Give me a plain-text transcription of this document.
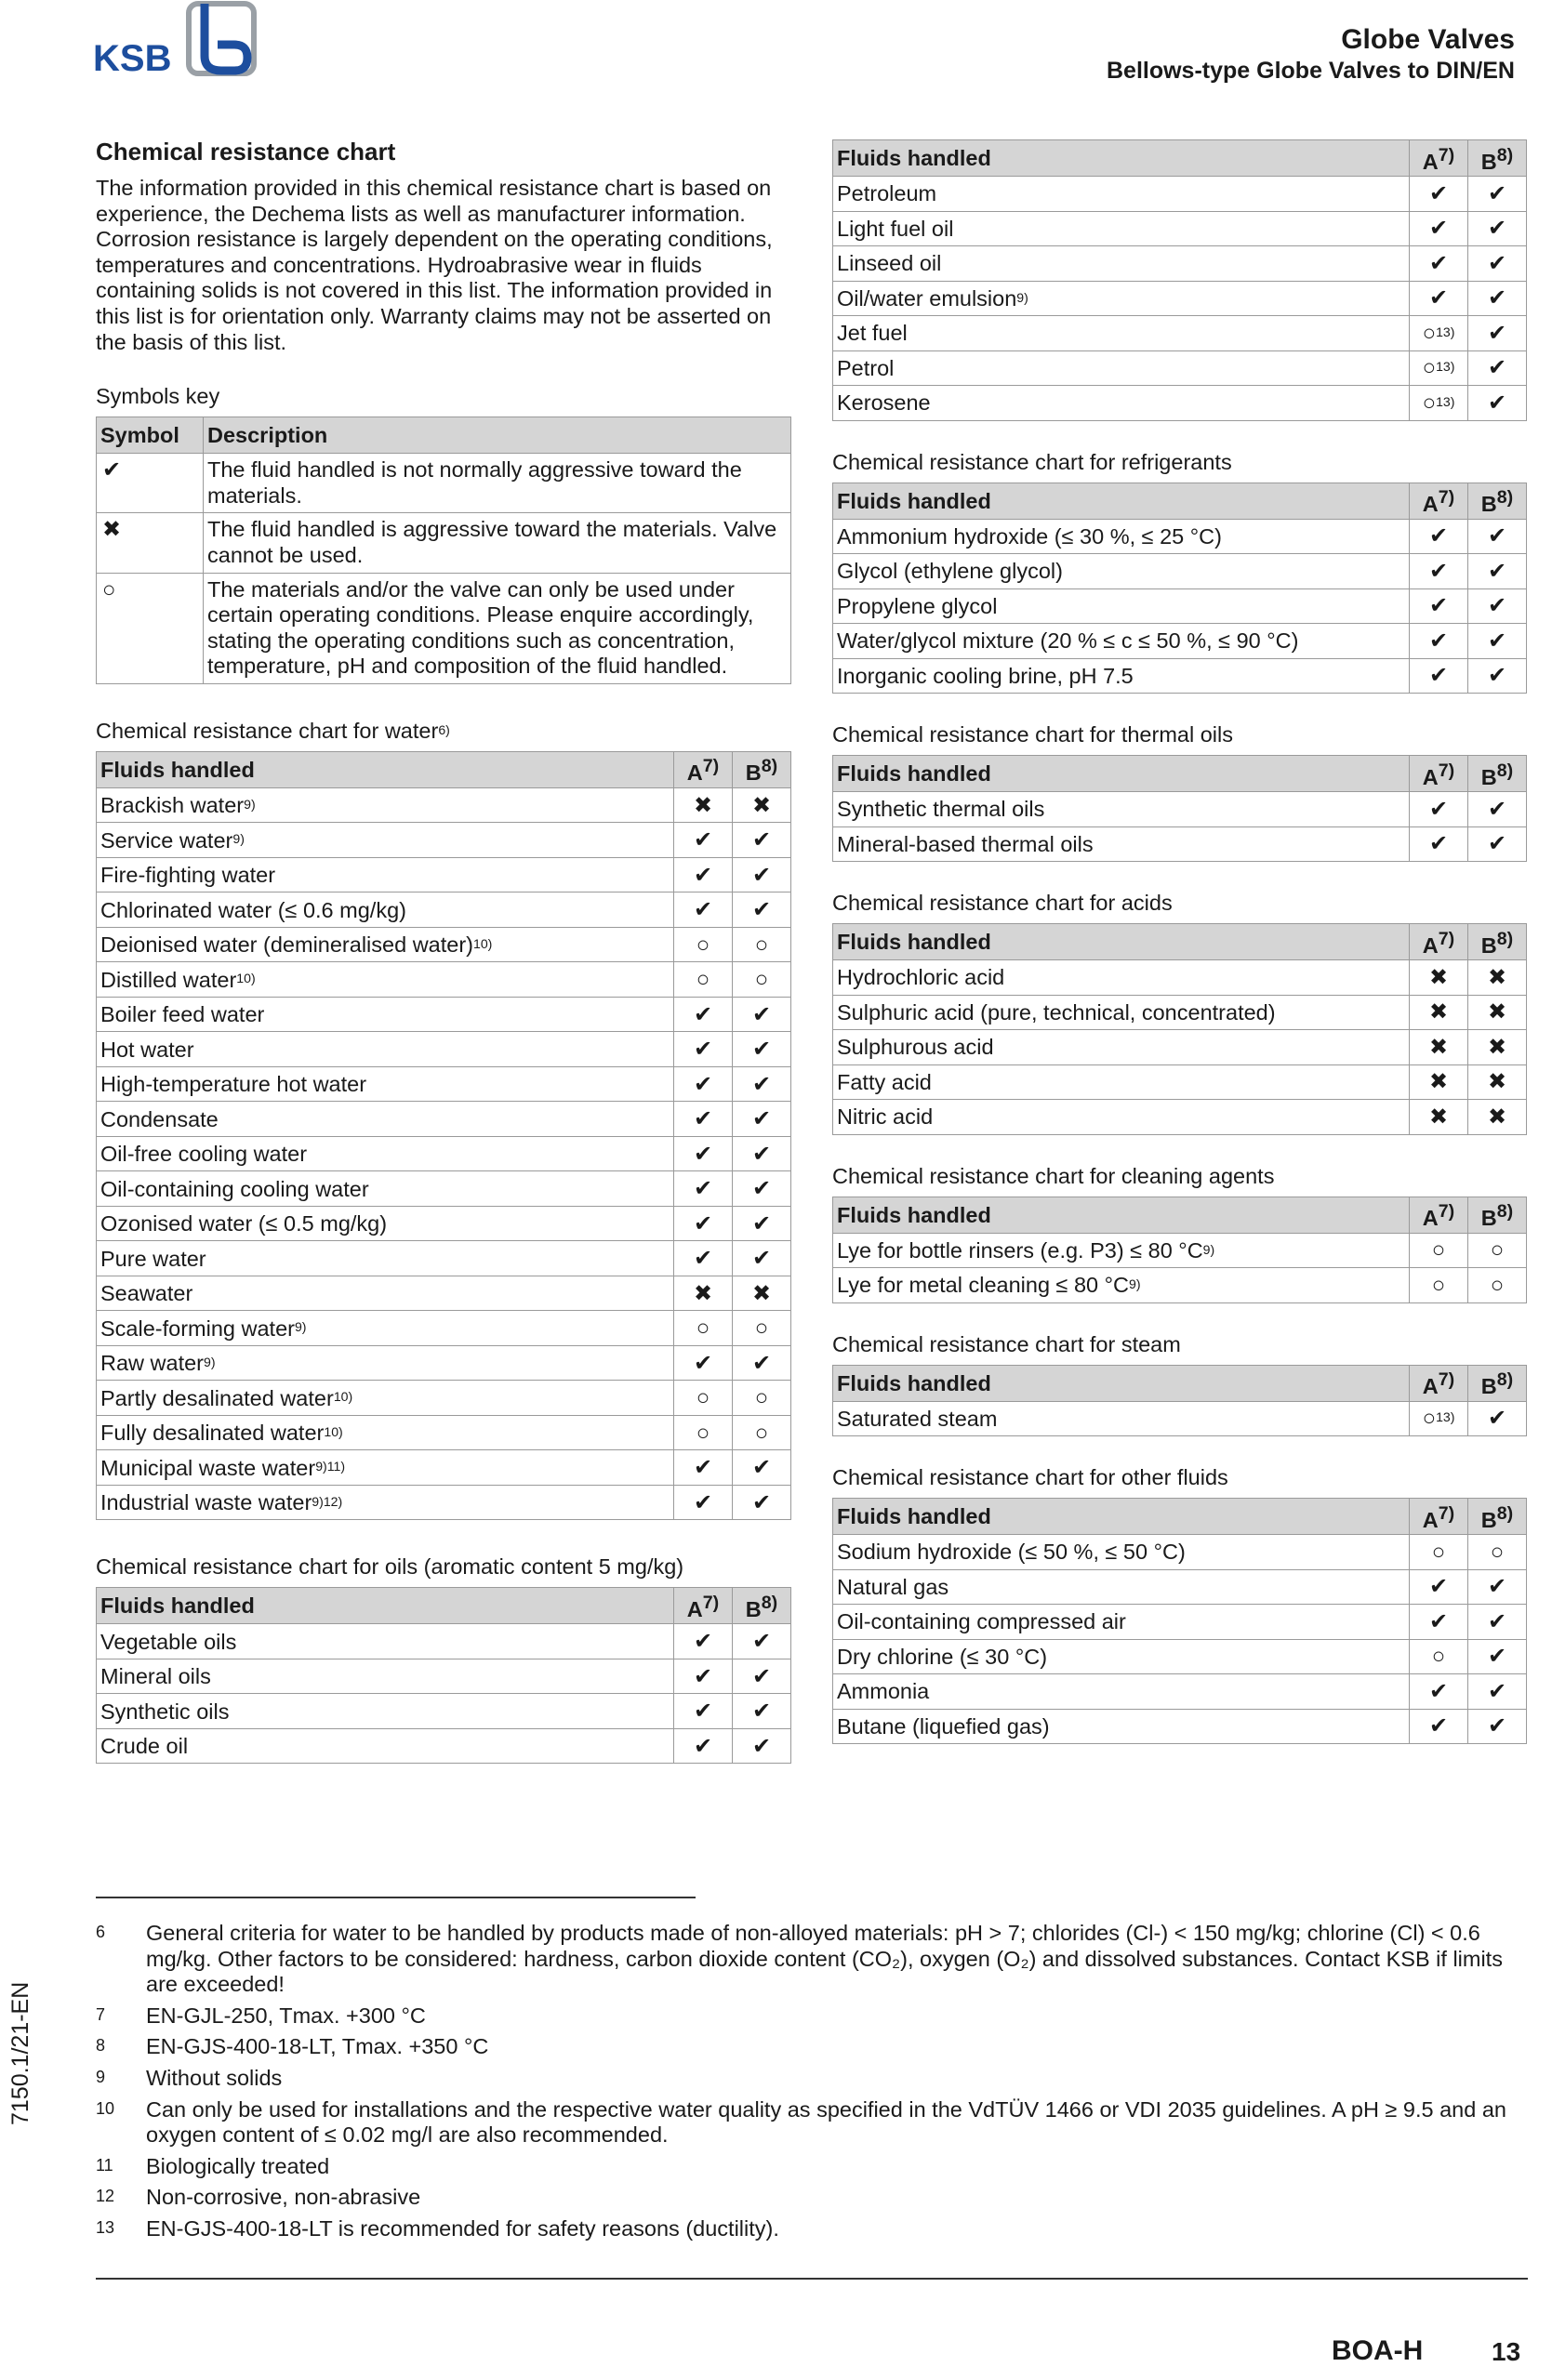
KSB	Globe Valves
Bellows-type Globe Valves to DIN/EN
Chemical resistance chart
The information provided in this chemical resistance chart is based on experience, the Dechema lists as well as manufacturer information. Corrosion resistance is largely dependent on the operating conditions, temperatures and concentrations. Hydroabrasive wear in fluids containing solids is not covered in this list. The information provided in this list is for orientation only. Warranty claims may not be asserted on the basis of this list.
Symbols key
Symbol	Description
✔	The fluid handled is not normally aggressive toward the materials.
✖	The fluid handled is aggressive toward the materials. Valve cannot be used.
○	The materials and/or the valve can only be used under certain operating conditions. Please enquire accordingly, stating the operating conditions such as concentration, temperature, pH and composition of the fluid handled.
Chemical resistance chart for water$^{6)}$
Fluids handled	$A^{7)}$	$B^{8)}$
Brackish water$^{9)}$	✖	✖
Service water$^{9)}$	✔	✔
Fire-fighting water	✔	✔
Chlorinated water (≤ 0.6 mg/kg)	✔	✔
Deionised water (demineralised water)$^{10)}$	○	○
Distilled water$^{10)}$	○	○
Boiler feed water	✔	✔
Hot water	✔	✔
High-temperature hot water	✔	✔
Condensate	✔	✔
Oil-free cooling water	✔	✔
Oil-containing cooling water	✔	✔
Ozonised water (≤ 0.5 mg/kg)	✔	✔
Pure water	✔	✔
Seawater	✖	✖
Scale-forming water$^{9)}$	○	○
Raw water$^{9)}$	✔	✔
Partly desalinated water$^{10)}$	○	○
Fully desalinated water$^{10)}$	○	○
Municipal waste water$^{9)11)}$	✔	✔
Industrial waste water$^{9)12)}$	✔	✔
Chemical resistance chart for oils (aromatic content 5 mg/kg)
Fluids handled	$A^{7)}$	$B^{8)}$
Vegetable oils	✔	✔
Mineral oils	✔	✔
Synthetic oils	✔	✔
Crude oil	✔	✔
Fluids handled	$A^{7)}$	$B^{8)}$
Petroleum	✔	✔
Light fuel oil	✔	✔
Linseed oil	✔	✔
Oil/water emulsion$^{9)}$	✔	✔
Jet fuel	○$^{13)}$	✔
Petrol	○$^{13)}$	✔
Kerosene	○$^{13)}$	✔
Chemical resistance chart for refrigerants
Fluids handled	$A^{7)}$	$B^{8)}$
Ammonium hydroxide (≤ 30 %, ≤ 25 °C)	✔	✔
Glycol (ethylene glycol)	✔	✔
Propylene glycol	✔	✔
Water/glycol mixture (20 % ≤ c ≤ 50 %, ≤ 90 °C)	✔	✔
Inorganic cooling brine, pH 7.5	✔	✔
Chemical resistance chart for thermal oils
Fluids handled	$A^{7)}$	$B^{8)}$
Synthetic thermal oils	✔	✔
Mineral-based thermal oils	✔	✔
Chemical resistance chart for acids
Fluids handled	$A^{7)}$	$B^{8)}$
Hydrochloric acid	✖	✖
Sulphuric acid (pure, technical, concentrated)	✖	✖
Sulphurous acid	✖	✖
Fatty acid	✖	✖
Nitric acid	✖	✖
Chemical resistance chart for cleaning agents
Fluids handled	$A^{7)}$	$B^{8)}$
Lye for bottle rinsers (e.g. P3) ≤ 80 $^\circ C^{9)}$	○	○
Lye for metal cleaning ≤ 80 $^\circ C^{9)}$	○	○
Chemical resistance chart for steam
Fluids handled	$A^{7)}$	$B^{8)}$
Saturated steam	○$^{13)}$	✔
Chemical resistance chart for other fluids
Fluids handled	$A^{7)}$	$B^{8)}$
Sodium hydroxide (≤ 50 %, ≤ 50 °C)	○	○
Natural gas	✔	✔
Oil-containing compressed air	✔	✔
Dry chlorine (≤ 30 °C)	○	✔
Ammonia	✔	✔
Butane (liquefied gas)	✔	✔
7150.1/21-EN
6	General criteria for water to be handled by products made of non-alloyed materials: pH > 7; chlorides (Cl-) < 150 mg/kg; chlorine (Cl) < 0.6 mg/kg. Other factors to be considered: hardness, carbon dioxide content (CO₂), oxygen (O₂) and dissolved substances. Contact KSB if limits are exceeded!
7	EN-GJL-250, Tmax. +300 °C
8	EN-GJS-400-18-LT, Tmax. +350 °C
9	Without solids
10	Can only be used for installations and the respective water quality as specified in the VdTÜV 1466 or VDI 2035 guidelines. A pH ≥ 9.5 and an oxygen content of ≤ 0.02 mg/l are also recommended.
11	Biologically treated
12	Non-corrosive, non-abrasive
13	EN-GJS-400-18-LT is recommended for safety reasons (ductility).
BOA-H	13
